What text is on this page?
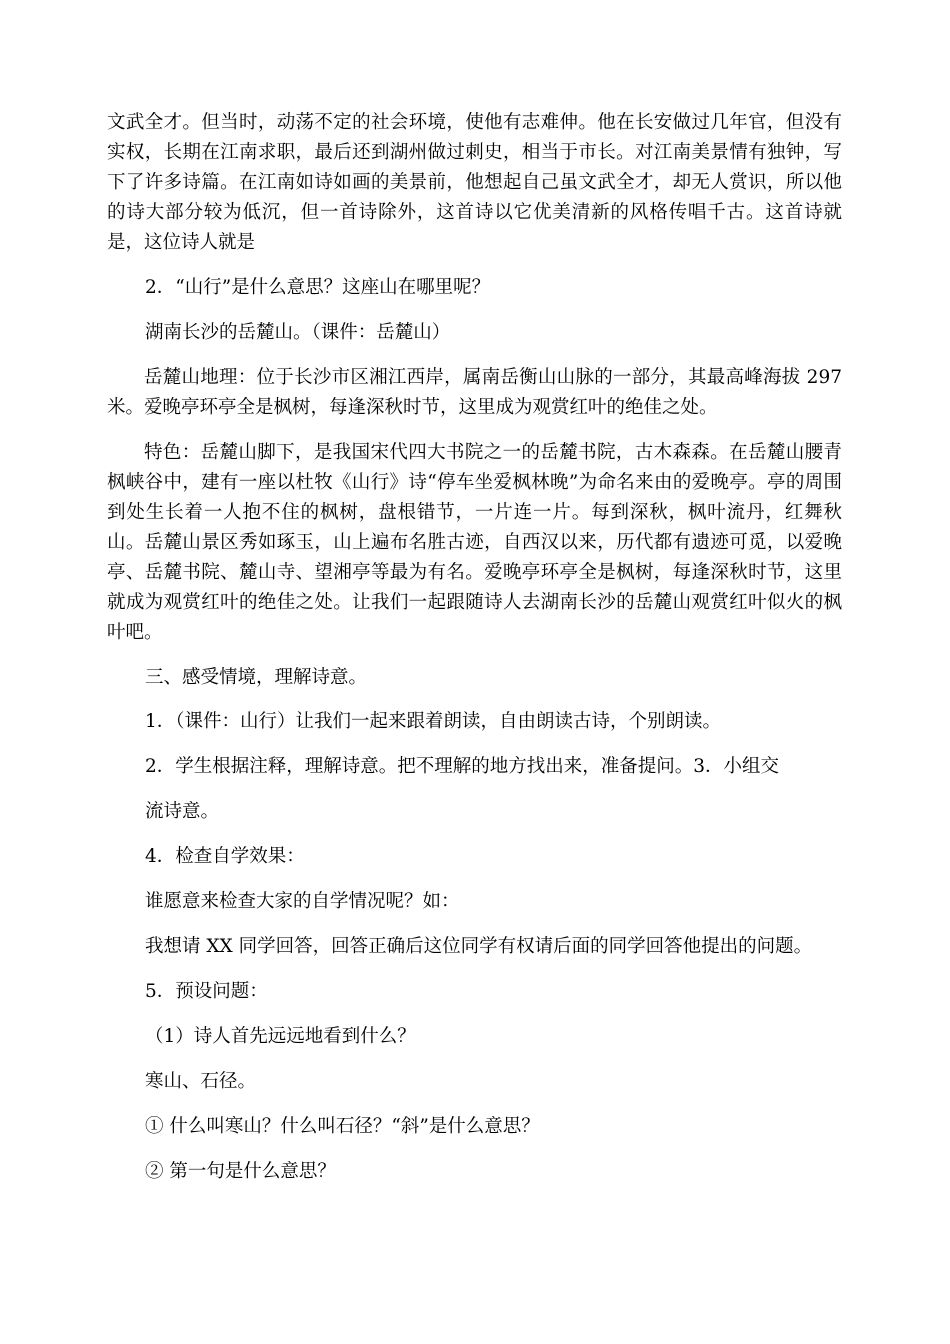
文武全才。但当时，动荡不定的社会环境，使他有志难伸。他在长安做过几年官，但没有实权，长期在江南求职，最后还到湖州做过刺史，相当于市长。对江南美景情有独钟，写下了许多诗篇。在江南如诗如画的美景前，他想起自己虽文武全才，却无人赏识，所以他的诗大部分较为低沉，但一首诗除外，这首诗以它优美清新的风格传唱千古。这首诗就是，这位诗人就是

2．“山行”是什么意思？这座山在哪里呢？

湖南长沙的岳麓山。（课件：岳麓山）

岳麓山地理：位于长沙市区湘江西岸，属南岳衡山山脉的一部分，其最高峰海拔 297 米。爱晚亭环亭全是枫树，每逢深秋时节，这里成为观赏红叶的绝佳之处。

特色：岳麓山脚下，是我国宋代四大书院之一的岳麓书院，古木森森。在岳麓山腰青枫峡谷中，建有一座以杜牧《山行》诗“停车坐爱枫林晚”为命名来由的爱晚亭。亭的周围到处生长着一人抱不住的枫树，盘根错节，一片连一片。每到深秋，枫叶流丹，红舞秋山。岳麓山景区秀如琢玉，山上遍布名胜古迹，自西汉以来，历代都有遗迹可觅，以爱晚亭、岳麓书院、麓山寺、望湘亭等最为有名。爱晚亭环亭全是枫树，每逢深秋时节，这里就成为观赏红叶的绝佳之处。让我们一起跟随诗人去湖南长沙的岳麓山观赏红叶似火的枫叶吧。

三、感受情境，理解诗意。

1．（课件：山行）让我们一起来跟着朗读，自由朗读古诗，个别朗读。

2．学生根据注释，理解诗意。把不理解的地方找出来，准备提问。3．小组交

流诗意。

4．检查自学效果：

谁愿意来检查大家的自学情况呢？如：

我想请 XX 同学回答，回答正确后这位同学有权请后面的同学回答他提出的问题。

5．预设问题：

（1）诗人首先远远地看到什么？

寒山、石径。

① 什么叫寒山？什么叫石径？“斜”是什么意思？

② 第一句是什么意思？
